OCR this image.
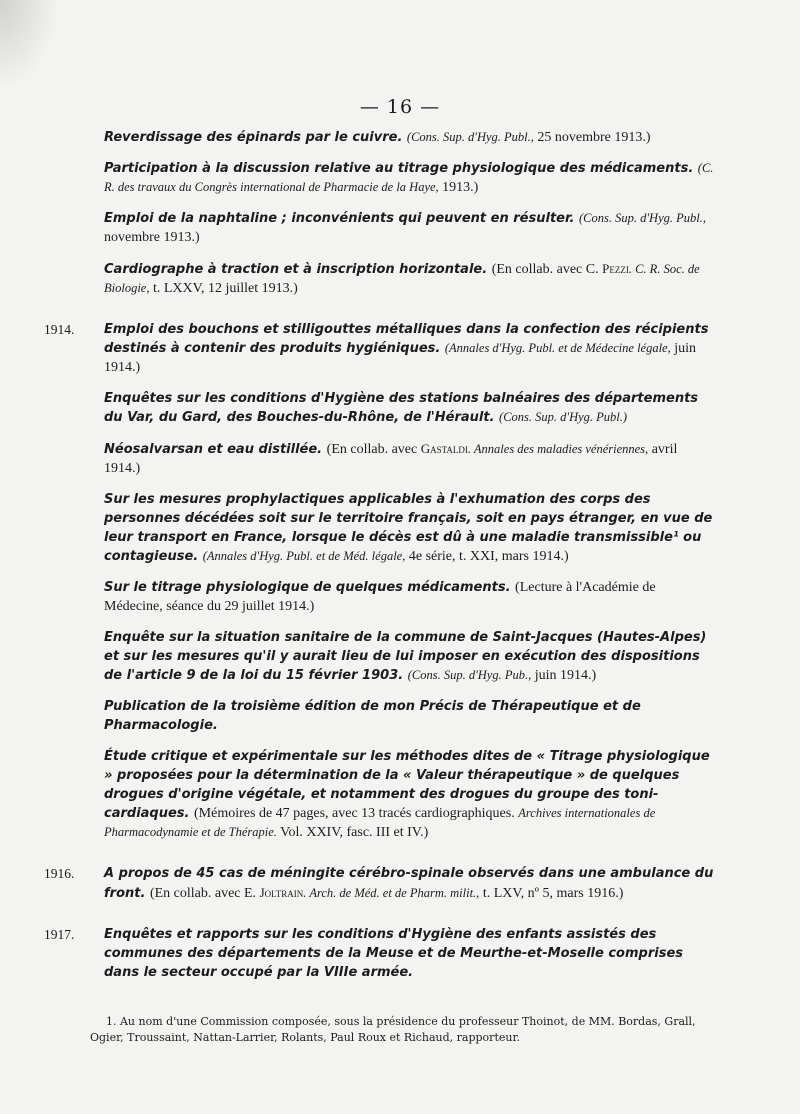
— 16 —

Reverdissage des épinards par le cuivre. (Cons. Sup. d'Hyg. Publ., 25 novembre 1913.)

Participation à la discussion relative au titrage physiologique des médicaments. (C. R. des travaux du Congrès international de Pharmacie de la Haye, 1913.)

Emploi de la naphtaline ; inconvénients qui peuvent en résulter. (Cons. Sup. d'Hyg. Publ., novembre 1913.)

Cardiographe à traction et à inscription horizontale. (En collab. avec C. Pezzi. C. R. Soc. de Biologie, t. LXXV, 12 juillet 1913.)

1914. Emploi des bouchons et stilligouttes métalliques dans la confection des récipients destinés à contenir des produits hygiéniques. (Annales d'Hyg. Publ. et de Médecine légale, juin 1914.)

Enquêtes sur les conditions d'Hygiène des stations balnéaires des départements du Var, du Gard, des Bouches-du-Rhône, de l'Hérault. (Cons. Sup. d'Hyg. Publ.)

Néosalvarsan et eau distillée. (En collab. avec Gastaldi. Annales des maladies vénériennes, avril 1914.)

Sur les mesures prophylactiques applicables à l'exhumation des corps des personnes décédées soit sur le territoire français, soit en pays étranger, en vue de leur transport en France, lorsque le décès est dû à une maladie transmissible¹ ou contagieuse. (Annales d'Hyg. Publ. et de Méd. légale, 4e série, t. XXI, mars 1914.)

Sur le titrage physiologique de quelques médicaments. (Lecture à l'Académie de Médecine, séance du 29 juillet 1914.)

Enquête sur la situation sanitaire de la commune de Saint-Jacques (Hautes-Alpes) et sur les mesures qu'il y aurait lieu de lui imposer en exécution des dispositions de l'article 9 de la loi du 15 février 1903. (Cons. Sup. d'Hyg. Pub., juin 1914.)

Publication de la troisième édition de mon Précis de Thérapeutique et de Pharmacologie.

Étude critique et expérimentale sur les méthodes dites de « Titrage physiologique » proposées pour la détermination de la « Valeur thérapeutique » de quelques drogues d'origine végétale, et notamment des drogues du groupe des toni-cardiaques. (Mémoires de 47 pages, avec 13 tracés cardiographiques. Archives internationales de Pharmacodynamie et de Thérapie. Vol. XXIV, fasc. III et IV.)

1916. A propos de 45 cas de méningite cérébro-spinale observés dans une ambulance du front. (En collab. avec E. Joltrain. Arch. de Méd. et de Pharm. milit., t. LXV, nº 5, mars 1916.)

1917. Enquêtes et rapports sur les conditions d'Hygiène des enfants assistés des communes des départements de la Meuse et de Meurthe-et-Moselle comprises dans le secteur occupé par la VIIIe armée.

1. Au nom d'une Commission composée, sous la présidence du professeur Thoinot, de MM. Bordas, Grall, Ogier, Troussaint, Nattan-Larrier, Rolants, Paul Roux et Richaud, rapporteur.
